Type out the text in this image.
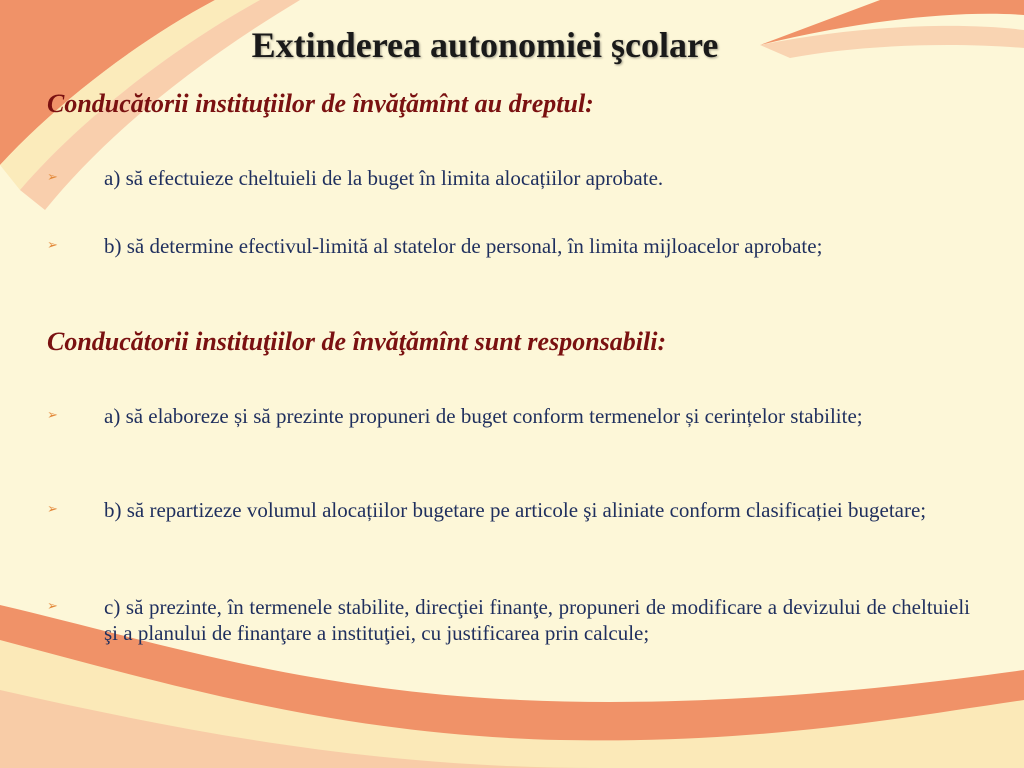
Extinderea autonomiei şcolare
Conducătorii instituţiilor de învăţămînt au dreptul:
➢	a) să efectuieze cheltuieli de la buget în limita alocațiilor aprobate.
➢	b) să determine efectivul-limită al statelor de personal, în limita mijloacelor aprobate;
Conducătorii instituţiilor de învăţămînt sunt responsabili:
➢	a) să elaboreze și să prezinte propuneri de buget conform termenelor și cerințelor stabilite;
➢	b) să repartizeze volumul alocațiilor bugetare pe articole şi aliniate conform clasificației bugetare;
➢	c) să prezinte, în termenele stabilite, direcţiei finanţe, propuneri de modificare a devizului de cheltuieli şi a planului de finanţare a instituţiei, cu justificarea prin calcule;
